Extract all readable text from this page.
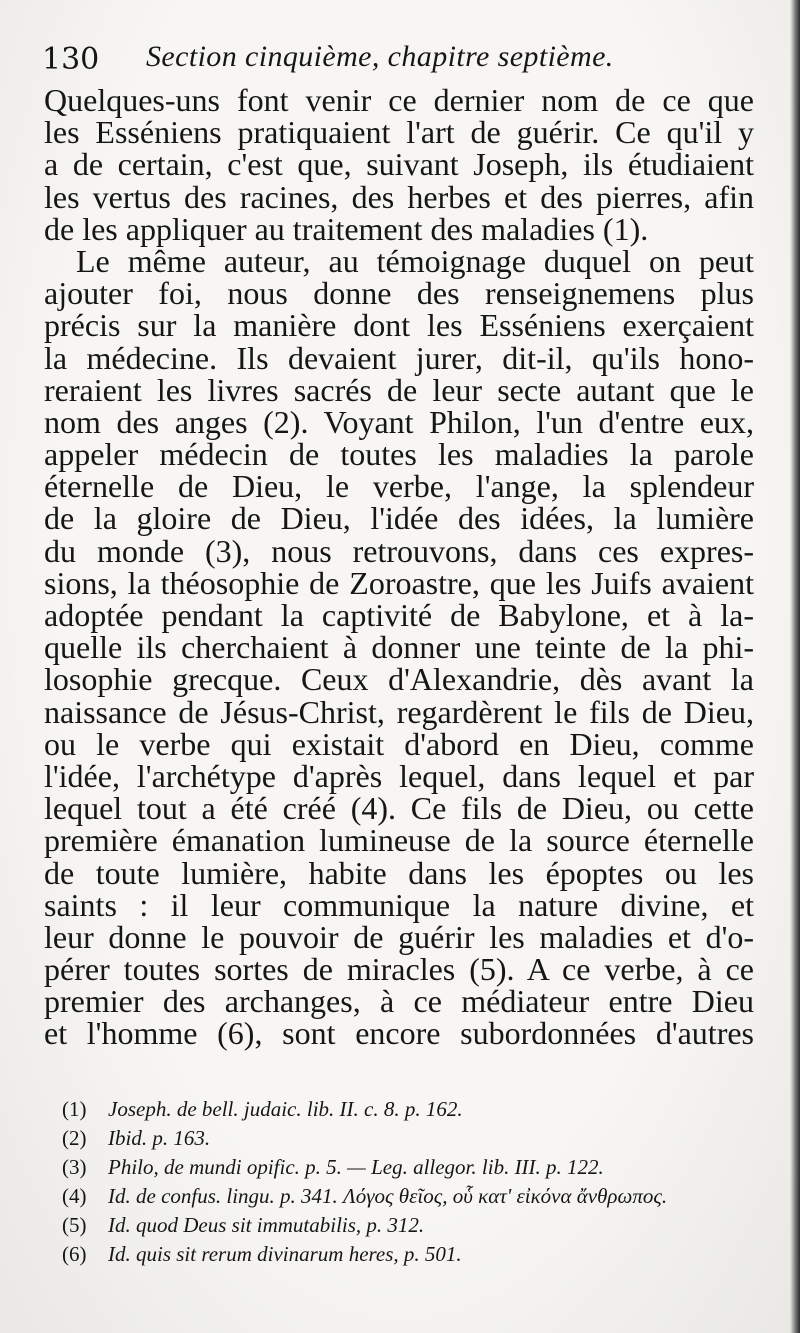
130 Section cinquième, chapitre septième.
Quelques-uns font venir ce dernier nom de ce que
les Esséniens pratiquaient l'art de guérir. Ce qu'il y
a de certain, c'est que, suivant Joseph, ils étudiaient
les vertus des racines, des herbes et des pierres, afin
de les appliquer au traitement des maladies (1).
Le même auteur, au témoignage duquel on peut
ajouter foi, nous donne des renseignemens plus
précis sur la manière dont les Esséniens exerçaient
la médecine. Ils devaient jurer, dit-il, qu'ils hono-
reraient les livres sacrés de leur secte autant que le
nom des anges (2). Voyant Philon, l'un d'entre eux,
appeler médecin de toutes les maladies la parole
éternelle de Dieu, le verbe, l'ange, la splendeur
de la gloire de Dieu, l'idée des idées, la lumière
du monde (3), nous retrouvons, dans ces expres-
sions, la théosophie de Zoroastre, que les Juifs avaient
adoptée pendant la captivité de Babylone, et à la-
quelle ils cherchaient à donner une teinte de la phi-
losophie grecque. Ceux d'Alexandrie, dès avant la
naissance de Jésus-Christ, regardèrent le fils de Dieu,
ou le verbe qui existait d'abord en Dieu, comme
l'idée, l'archétype d'après lequel, dans lequel et par
lequel tout a été créé (4). Ce fils de Dieu, ou cette
première émanation lumineuse de la source éternelle
de toute lumière, habite dans les époptes ou les
saints : il leur communique la nature divine, et
leur donne le pouvoir de guérir les maladies et d'o-
pérer toutes sortes de miracles (5). A ce verbe, à ce
premier des archanges, à ce médiateur entre Dieu
et l'homme (6), sont encore subordonnées d'autres
(1) Joseph. de bell. judaic. lib. II. c. 8. p. 162.
(2) Ibid. p. 163.
(3) Philo, de mundi opific. p. 5. — Leg. allegor. lib. III. p. 122.
(4) Id. de confus. lingu. p. 341. Λόγος θεῖος, οὗ κατ' εἰκόνα ἄνθρωπος.
(5) Id. quod Deus sit immutabilis, p. 312.
(6) Id. quis sit rerum divinarum heres, p. 501.
